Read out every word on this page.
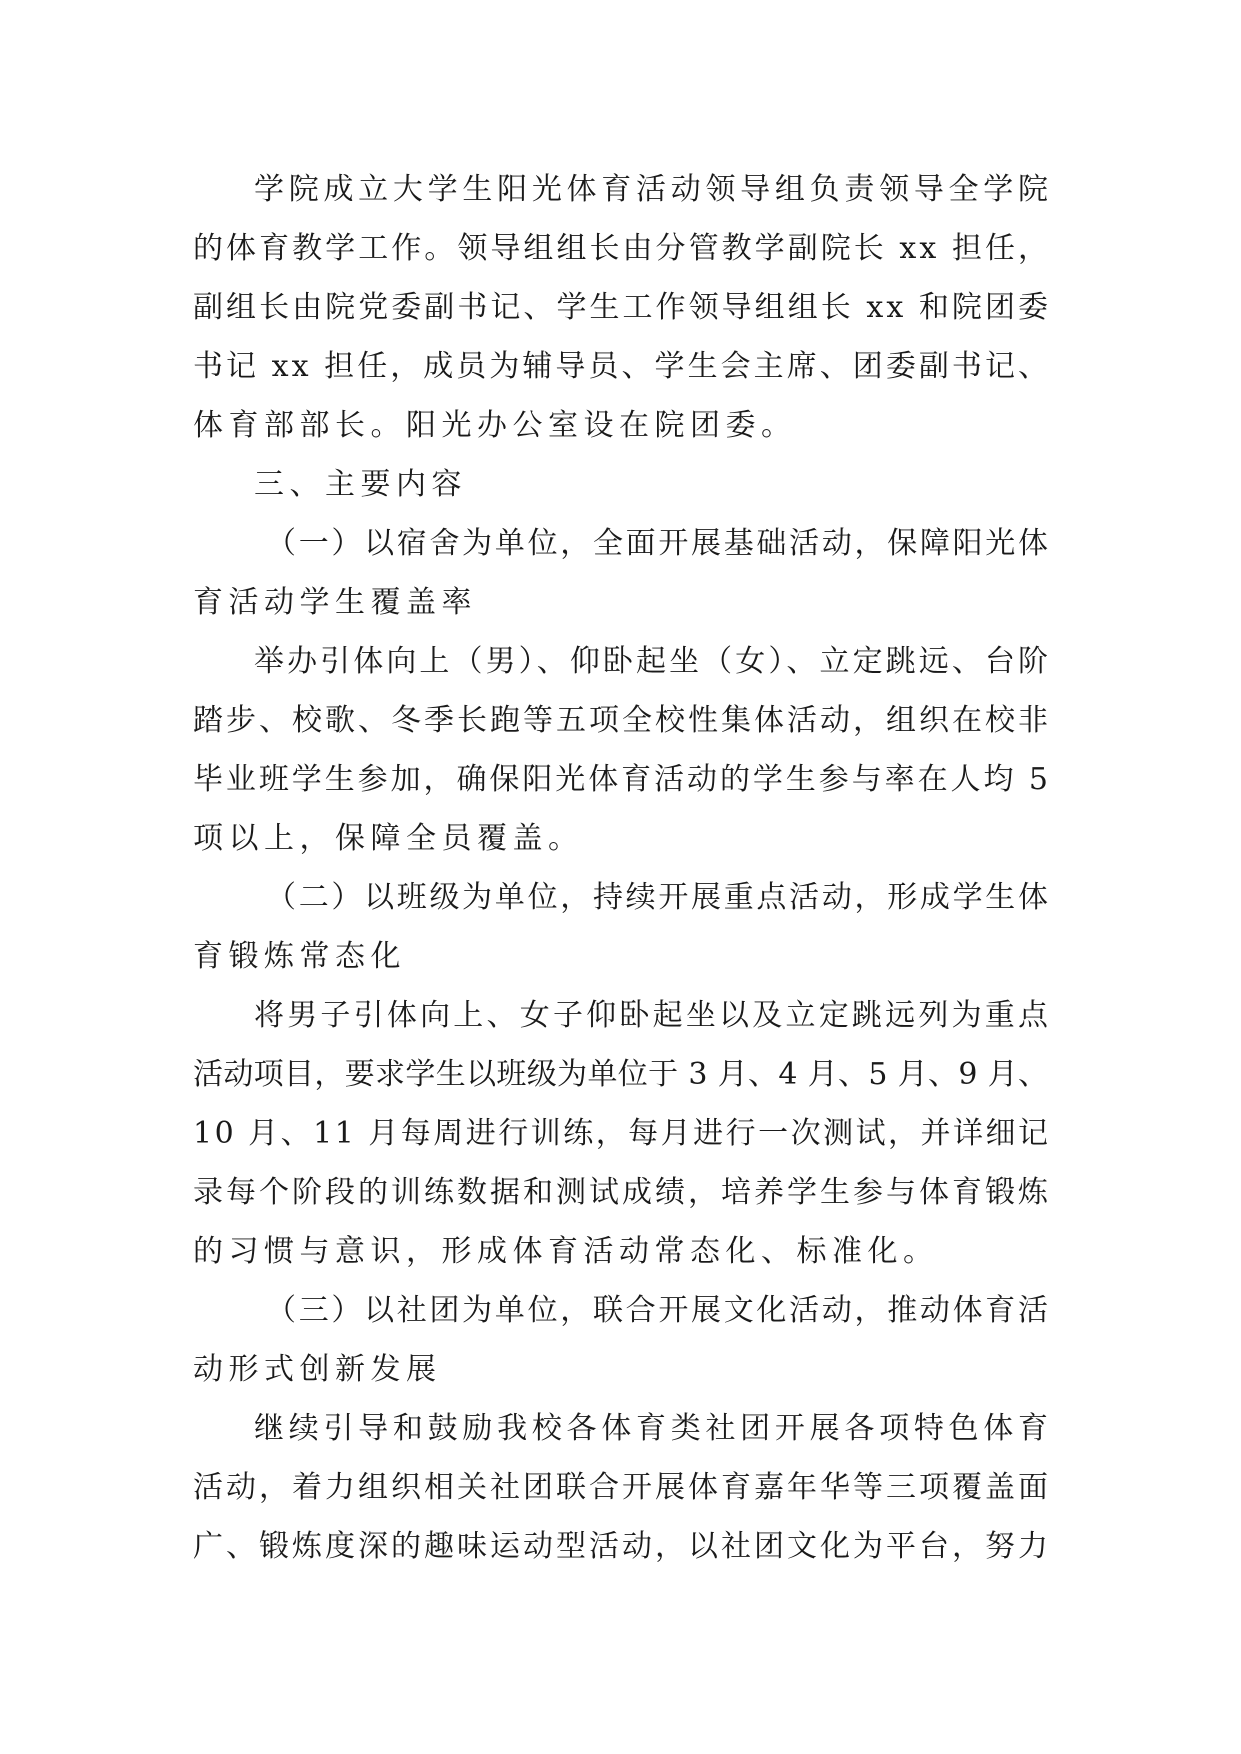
学院成立大学生阳光体育活动领导组负责领导全学院
的体育教学工作。领导组组长由分管教学副院长 xx 担任，
副组长由院党委副书记、学生工作领导组组长 xx 和院团委
书记 xx 担任，成员为辅导员、学生会主席、团委副书记、
体育部部长。阳光办公室设在院团委。
三、主要内容
（一）以宿舍为单位，全面开展基础活动，保障阳光体
育活动学生覆盖率
举办引体向上（男）、仰卧起坐（女）、立定跳远、台阶
踏步、校歌、冬季长跑等五项全校性集体活动，组织在校非
毕业班学生参加，确保阳光体育活动的学生参与率在人均 5
项以上，保障全员覆盖。
（二）以班级为单位，持续开展重点活动，形成学生体
育锻炼常态化
将男子引体向上、女子仰卧起坐以及立定跳远列为重点
活动项目，要求学生以班级为单位于 3 月、4 月、5 月、9 月、
10 月、11 月每周进行训练，每月进行一次测试，并详细记
录每个阶段的训练数据和测试成绩，培养学生参与体育锻炼
的习惯与意识，形成体育活动常态化、标准化。
（三）以社团为单位，联合开展文化活动，推动体育活
动形式创新发展
继续引导和鼓励我校各体育类社团开展各项特色体育
活动，着力组织相关社团联合开展体育嘉年华等三项覆盖面
广、锻炼度深的趣味运动型活动，以社团文化为平台，努力
